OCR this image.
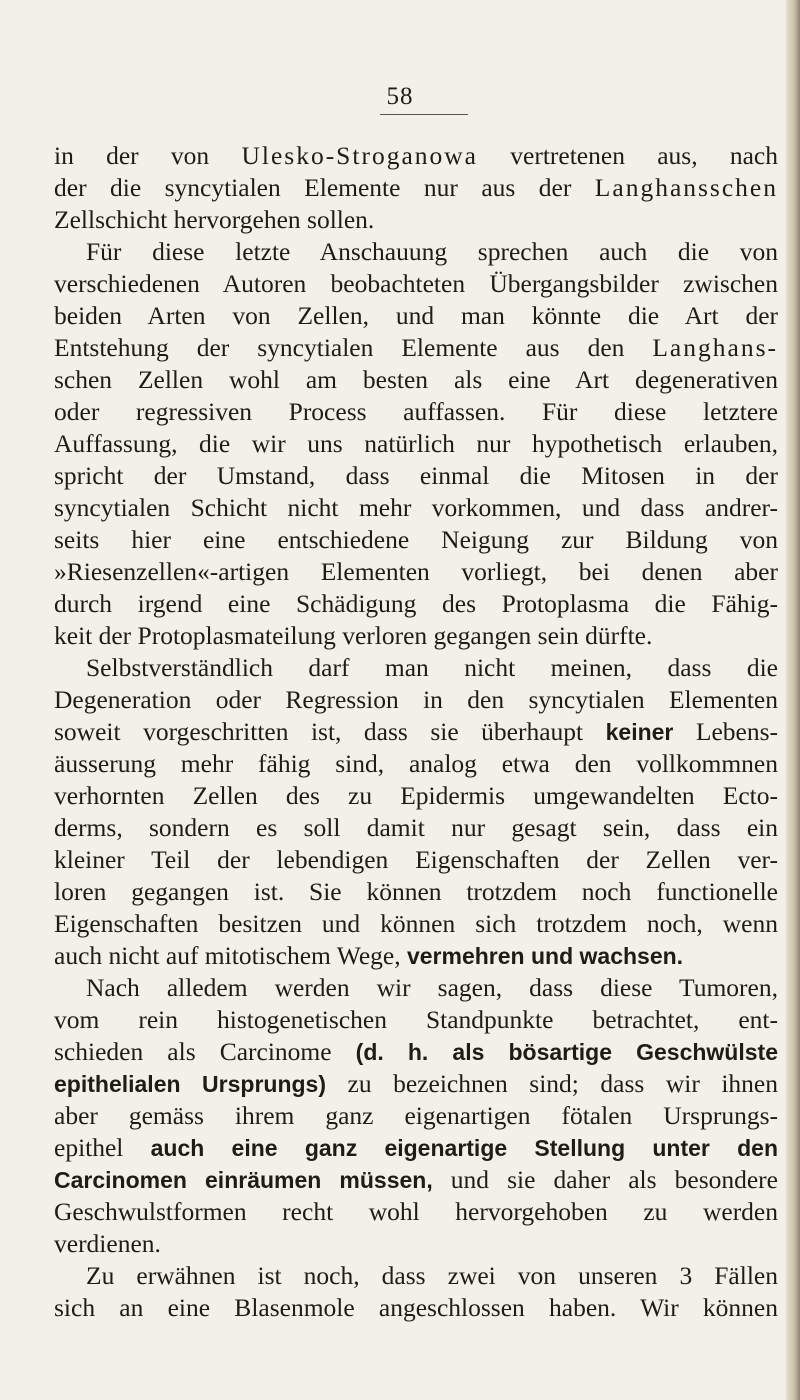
58
in der von Ulesko-Stroganowa vertretenen aus, nach
der die syncytialen Elemente nur aus der Langhansschen
Zellschicht hervorgehen sollen.
Für diese letzte Anschauung sprechen auch die von
verschiedenen Autoren beobachteten Übergangsbilder zwischen
beiden Arten von Zellen, und man könnte die Art der
Entstehung der syncytialen Elemente aus den Langhans-
schen Zellen wohl am besten als eine Art degenerativen
oder regressiven Process auffassen. Für diese letztere
Auffassung, die wir uns natürlich nur hypothetisch erlauben,
spricht der Umstand, dass einmal die Mitosen in der
syncytialen Schicht nicht mehr vorkommen, und dass andrer-
seits hier eine entschiedene Neigung zur Bildung von
»Riesenzellen«-artigen Elementen vorliegt, bei denen aber
durch irgend eine Schädigung des Protoplasma die Fähig-
keit der Protoplasmateilung verloren gegangen sein dürfte.
Selbstverständlich darf man nicht meinen, dass die
Degeneration oder Regression in den syncytialen Elementen
soweit vorgeschritten ist, dass sie überhaupt keiner Lebens-
äusserung mehr fähig sind, analog etwa den vollkommnen
verhornten Zellen des zu Epidermis umgewandelten Ecto-
derms, sondern es soll damit nur gesagt sein, dass ein
kleiner Teil der lebendigen Eigenschaften der Zellen ver-
loren gegangen ist. Sie können trotzdem noch functionelle
Eigenschaften besitzen und können sich trotzdem noch, wenn
auch nicht auf mitotischem Wege, vermehren und wachsen.
Nach alledem werden wir sagen, dass diese Tumoren,
vom rein histogenetischen Standpunkte betrachtet, ent-
schieden als Carcinome (d. h. als bösartige Geschwülste
epithelialen Ursprungs) zu bezeichnen sind; dass wir ihnen
aber gemäss ihrem ganz eigenartigen fötalen Ursprungs-
epithel auch eine ganz eigenartige Stellung unter den
Carcinomen einräumen müssen, und sie daher als besondere
Geschwulstformen recht wohl hervorgehoben zu werden
verdienen.
Zu erwähnen ist noch, dass zwei von unseren 3 Fällen
sich an eine Blasenmole angeschlossen haben. Wir können
